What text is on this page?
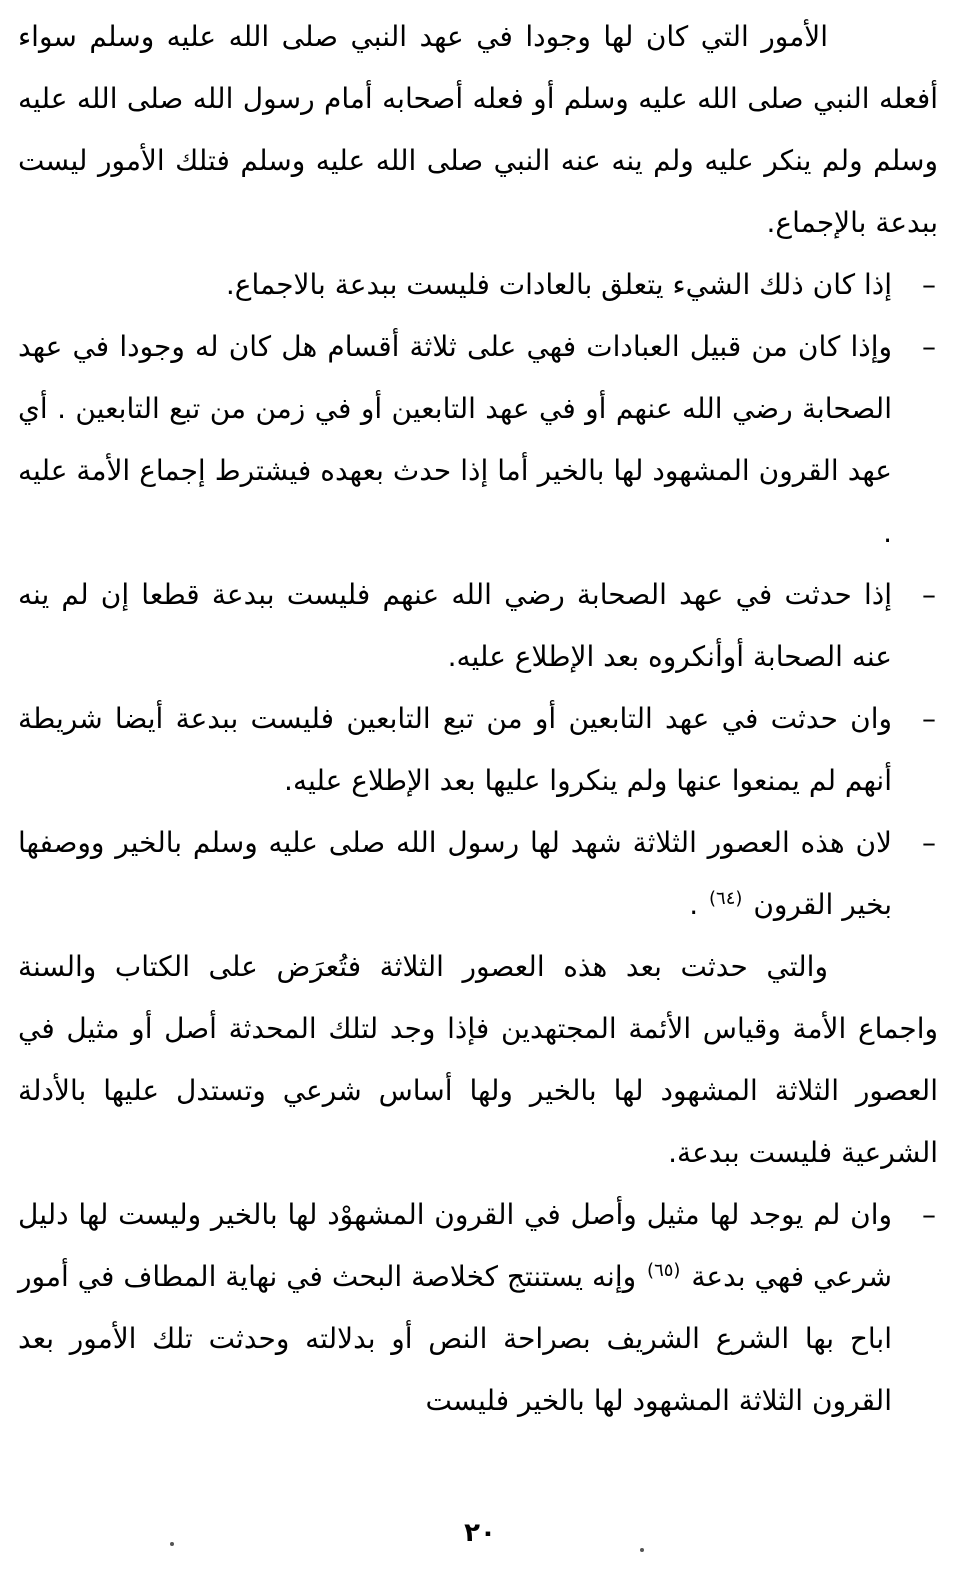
الأمور التي كان لها وجودا في عهد النبي صلى الله عليه وسلم سواء أفعله النبي صلى الله عليه وسلم أو فعله أصحابه أمام رسول الله صلى الله عليه وسلم ولم ينكر عليه ولم ينه عنه النبي صلى الله عليه وسلم فتلك الأمور ليست ببدعة بالإجماع.

–
إذا كان ذلك الشيء يتعلق بالعادات فليست ببدعة بالاجماع.
–
وإذا كان من قبيل العبادات فهي على ثلاثة أقسام هل كان له وجودا في عهد الصحابة رضي الله عنهم أو في عهد التابعين أو في زمن من تبع التابعين . أي عهد القرون المشهود لها بالخير أما إذا حدث بعهده فيشترط إجماع الأمة عليه .
–
إذا حدثت في عهد الصحابة رضي الله عنهم فليست ببدعة قطعا إن لم ينه عنه الصحابة أوأنكروه بعد الإطلاع عليه.
–
وان حدثت في عهد التابعين أو من تبع التابعين فليست ببدعة أيضا شريطة أنهم لم يمنعوا عنها ولم ينكروا عليها بعد الإطلاع عليه.
–
لان هذه العصور الثلاثة شهد لها رسول الله صلى عليه وسلم بالخير ووصفها بخير القرون $^{(٦٤)}$ .

والتي حدثت بعد هذه العصور الثلاثة فتُعرَض على الكتاب والسنة واجماع الأمة وقياس الأئمة المجتهدين فإذا وجد لتلك المحدثة أصل أو مثيل في العصور الثلاثة المشهود لها بالخير ولها أساس شرعي وتستدل عليها بالأدلة الشرعية فليست ببدعة.

–
وان لم يوجد لها مثيل وأصل في القرون المشهوْد لها بالخير وليست لها دليل شرعي فهي بدعة $^{(٦٥)}$ وإنه يستنتج كخلاصة البحث في نهاية المطاف في أمور اباح بها الشرع الشريف بصراحة النص أو بدلالته وحدثت تلك الأمور بعد القرون الثلاثة المشهود لها بالخير فليست
٢٠
